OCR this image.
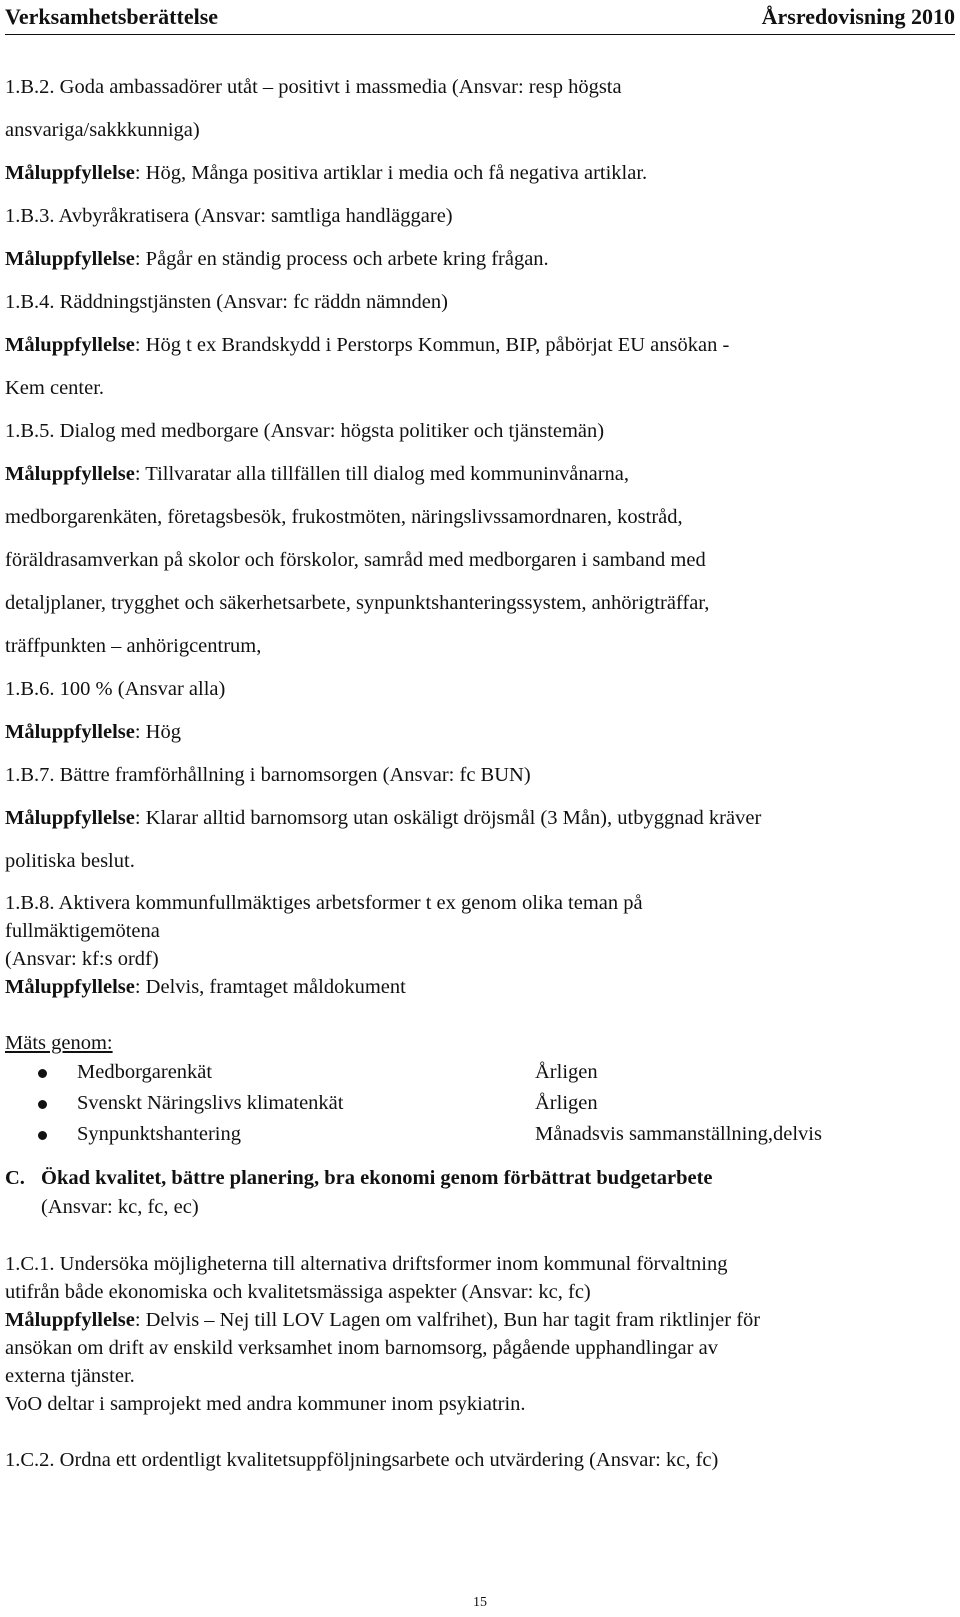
Verksamhetsberättelse	Årsredovisning 2010
1.B.2. Goda ambassadörer utåt – positivt i massmedia (Ansvar: resp högsta
ansvariga/sakkkunniga)
Måluppfyllelse: Hög, Många positiva artiklar i media och få negativa artiklar.
1.B.3. Avbyråkratisera (Ansvar: samtliga handläggare)
Måluppfyllelse: Pågår en ständig process och arbete kring frågan.
1.B.4. Räddningstjänsten (Ansvar: fc räddn nämnden)
Måluppfyllelse: Hög t ex Brandskydd i Perstorps Kommun, BIP, påbörjat EU ansökan -
Kem center.
1.B.5. Dialog med medborgare (Ansvar: högsta politiker och tjänstemän)
Måluppfyllelse: Tillvaratar alla tillfällen till dialog med kommuninvånarna,
medborgarenkäten, företagsbesök, frukostmöten, näringslivssamordnaren, kostråd,
föräldrasamverkan på skolor och förskolor, samråd med medborgaren i samband med
detaljplaner, trygghet och säkerhetsarbete, synpunktshanteringssystem, anhörigträffar,
träffpunkten – anhörigcentrum,
1.B.6. 100 % (Ansvar alla)
Måluppfyllelse: Hög
1.B.7. Bättre framförhållning i barnomsorgen (Ansvar: fc BUN)
Måluppfyllelse: Klarar alltid barnomsorg utan oskäligt dröjsmål (3 Mån), utbyggnad kräver
politiska beslut.
1.B.8. Aktivera kommunfullmäktiges arbetsformer t ex genom olika teman på
fullmäktigemötena
(Ansvar: kf:s ordf)
Måluppfyllelse: Delvis, framtaget måldokument
Mäts genom:
Medborgarenkät	Årligen
Svenskt Näringslivs klimatenkät	Årligen
Synpunktshantering	Månadsvis sammanställning,delvis
C. Ökad kvalitet, bättre planering, bra ekonomi genom förbättrat budgetarbete
(Ansvar: kc, fc, ec)
1.C.1. Undersöka möjligheterna till alternativa driftsformer inom kommunal förvaltning
utifrån både ekonomiska och kvalitetsmässiga aspekter (Ansvar: kc, fc)
Måluppfyllelse: Delvis – Nej till LOV Lagen om valfrihet), Bun har tagit fram riktlinjer för
ansökan om drift av enskild verksamhet inom barnomsorg, pågående upphandlingar av
externa tjänster.
VoO deltar i samprojekt med andra kommuner inom psykiatrin.
1.C.2. Ordna ett ordentligt kvalitetsuppföljningsarbete och utvärdering (Ansvar: kc, fc)
15
